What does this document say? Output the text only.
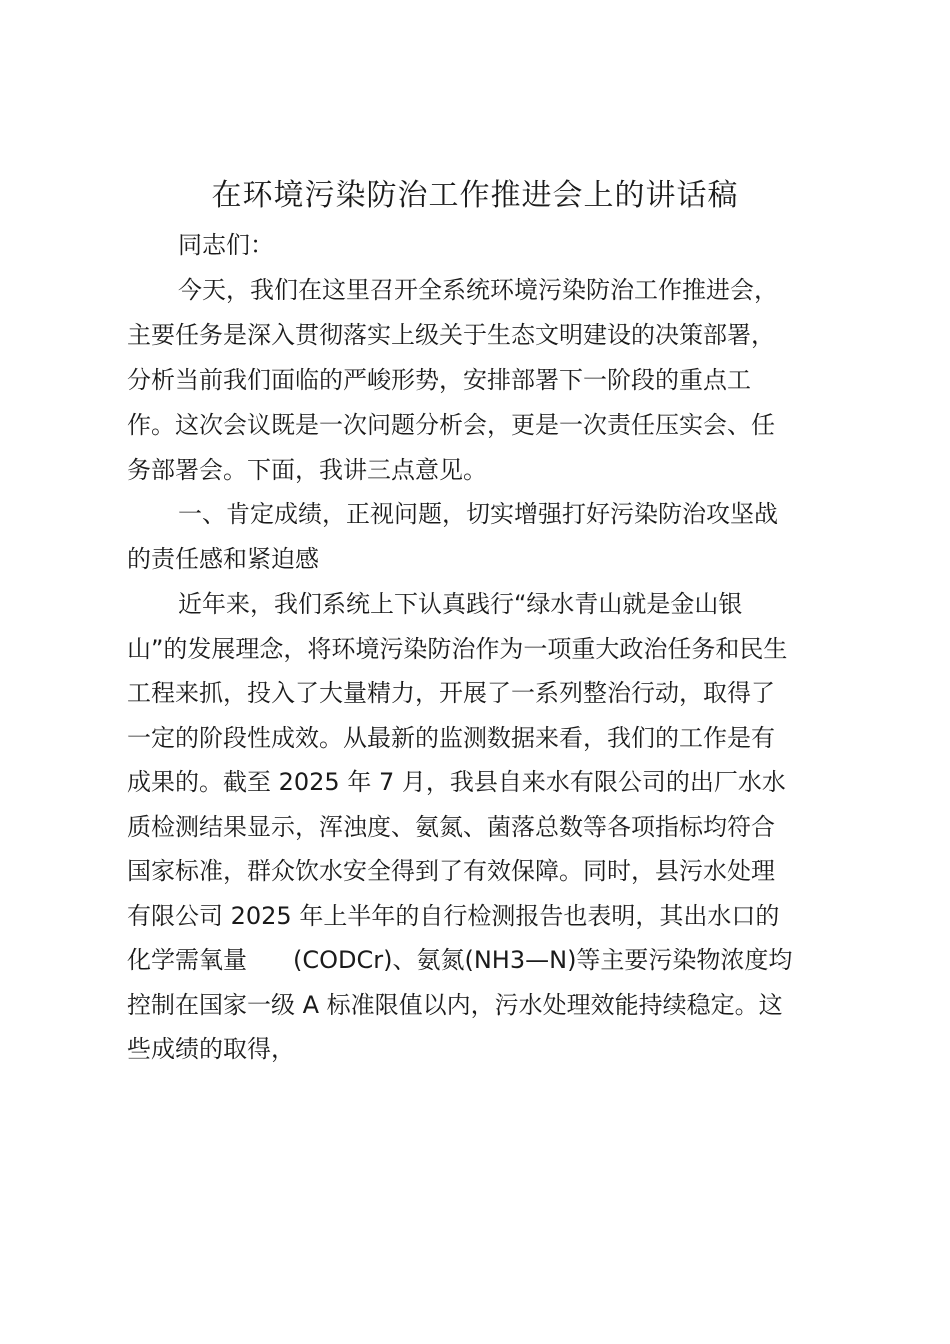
在环境污染防治工作推进会上的讲话稿

同志们：

今天，我们在这里召开全系统环境污染防治工作推进会，

主要任务是深入贯彻落实上级关于生态文明建设的决策部署，

分析当前我们面临的严峻形势，安排部署下一阶段的重点工

作。这次会议既是一次问题分析会，更是一次责任压实会、任

务部署会。下面，我讲三点意见。

一、肯定成绩，正视问题，切实增强打好污染防治攻坚战

的责任感和紧迫感

近年来，我们系统上下认真践行“绿水青山就是金山银

山”的发展理念，将环境污染防治作为一项重大政治任务和民生

工程来抓，投入了大量精力，开展了一系列整治行动，取得了

一定的阶段性成效。从最新的监测数据来看，我们的工作是有

成果的。截至 2025 年 7 月，我县自来水有限公司的出厂水水

质检测结果显示，浑浊度、氨氮、菌落总数等各项指标均符合

国家标准，群众饮水安全得到了有效保障。同时，县污水处理

有限公司 2025 年上半年的自行检测报告也表明，其出水口的

化学需氧量 (CODCr)、氨氮(NH3—N)等主要污染物浓度均

控制在国家一级 A 标准限值以内，污水处理效能持续稳定。这

些成绩的取得，
